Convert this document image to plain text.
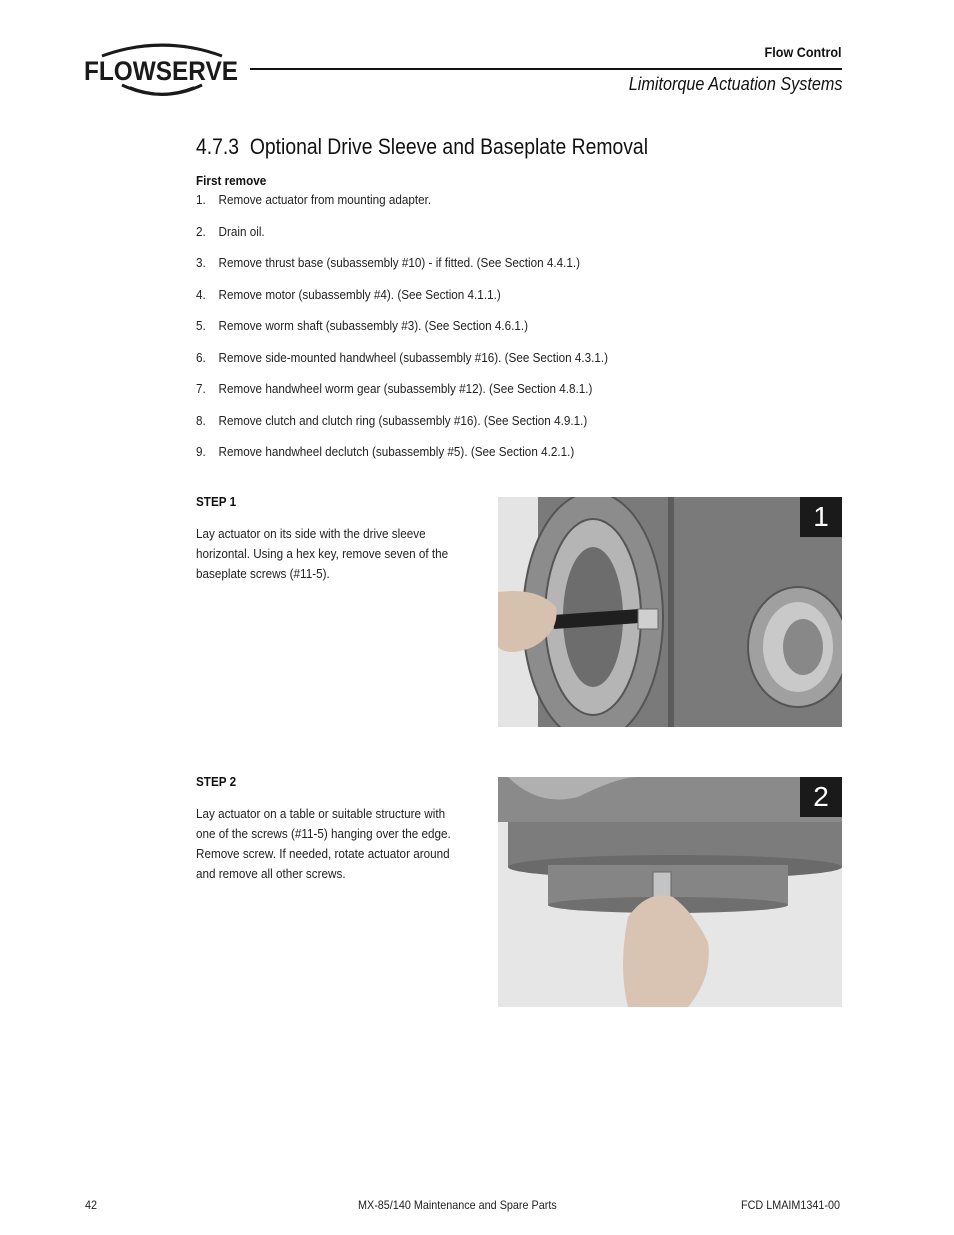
FLOWSERVE
Flow Control
Limitorque Actuation Systems
4.7.3  Optional Drive Sleeve and Baseplate Removal
First remove
1. Remove actuator from mounting adapter.
2. Drain oil.
3. Remove thrust base (subassembly #10) - if fitted. (See Section 4.4.1.)
4. Remove motor (subassembly #4). (See Section 4.1.1.)
5. Remove worm shaft (subassembly #3). (See Section 4.6.1.)
6. Remove side-mounted handwheel (subassembly #16). (See Section 4.3.1.)
7. Remove handwheel worm gear (subassembly #12). (See Section 4.8.1.)
8. Remove clutch and clutch ring (subassembly #16). (See Section 4.9.1.)
9. Remove handwheel declutch (subassembly #5). (See Section 4.2.1.)
STEP 1
Lay actuator on its side with the drive sleeve horizontal. Using a hex key, remove seven of the baseplate screws (#11-5).
1
STEP 2
Lay actuator on a table or suitable structure with one of the screws (#11-5) hanging over the edge. Remove screw. If needed, rotate actuator around and remove all other screws.
2
42	MX-85/140 Maintenance and Spare Parts	FCD LMAIM1341-00
